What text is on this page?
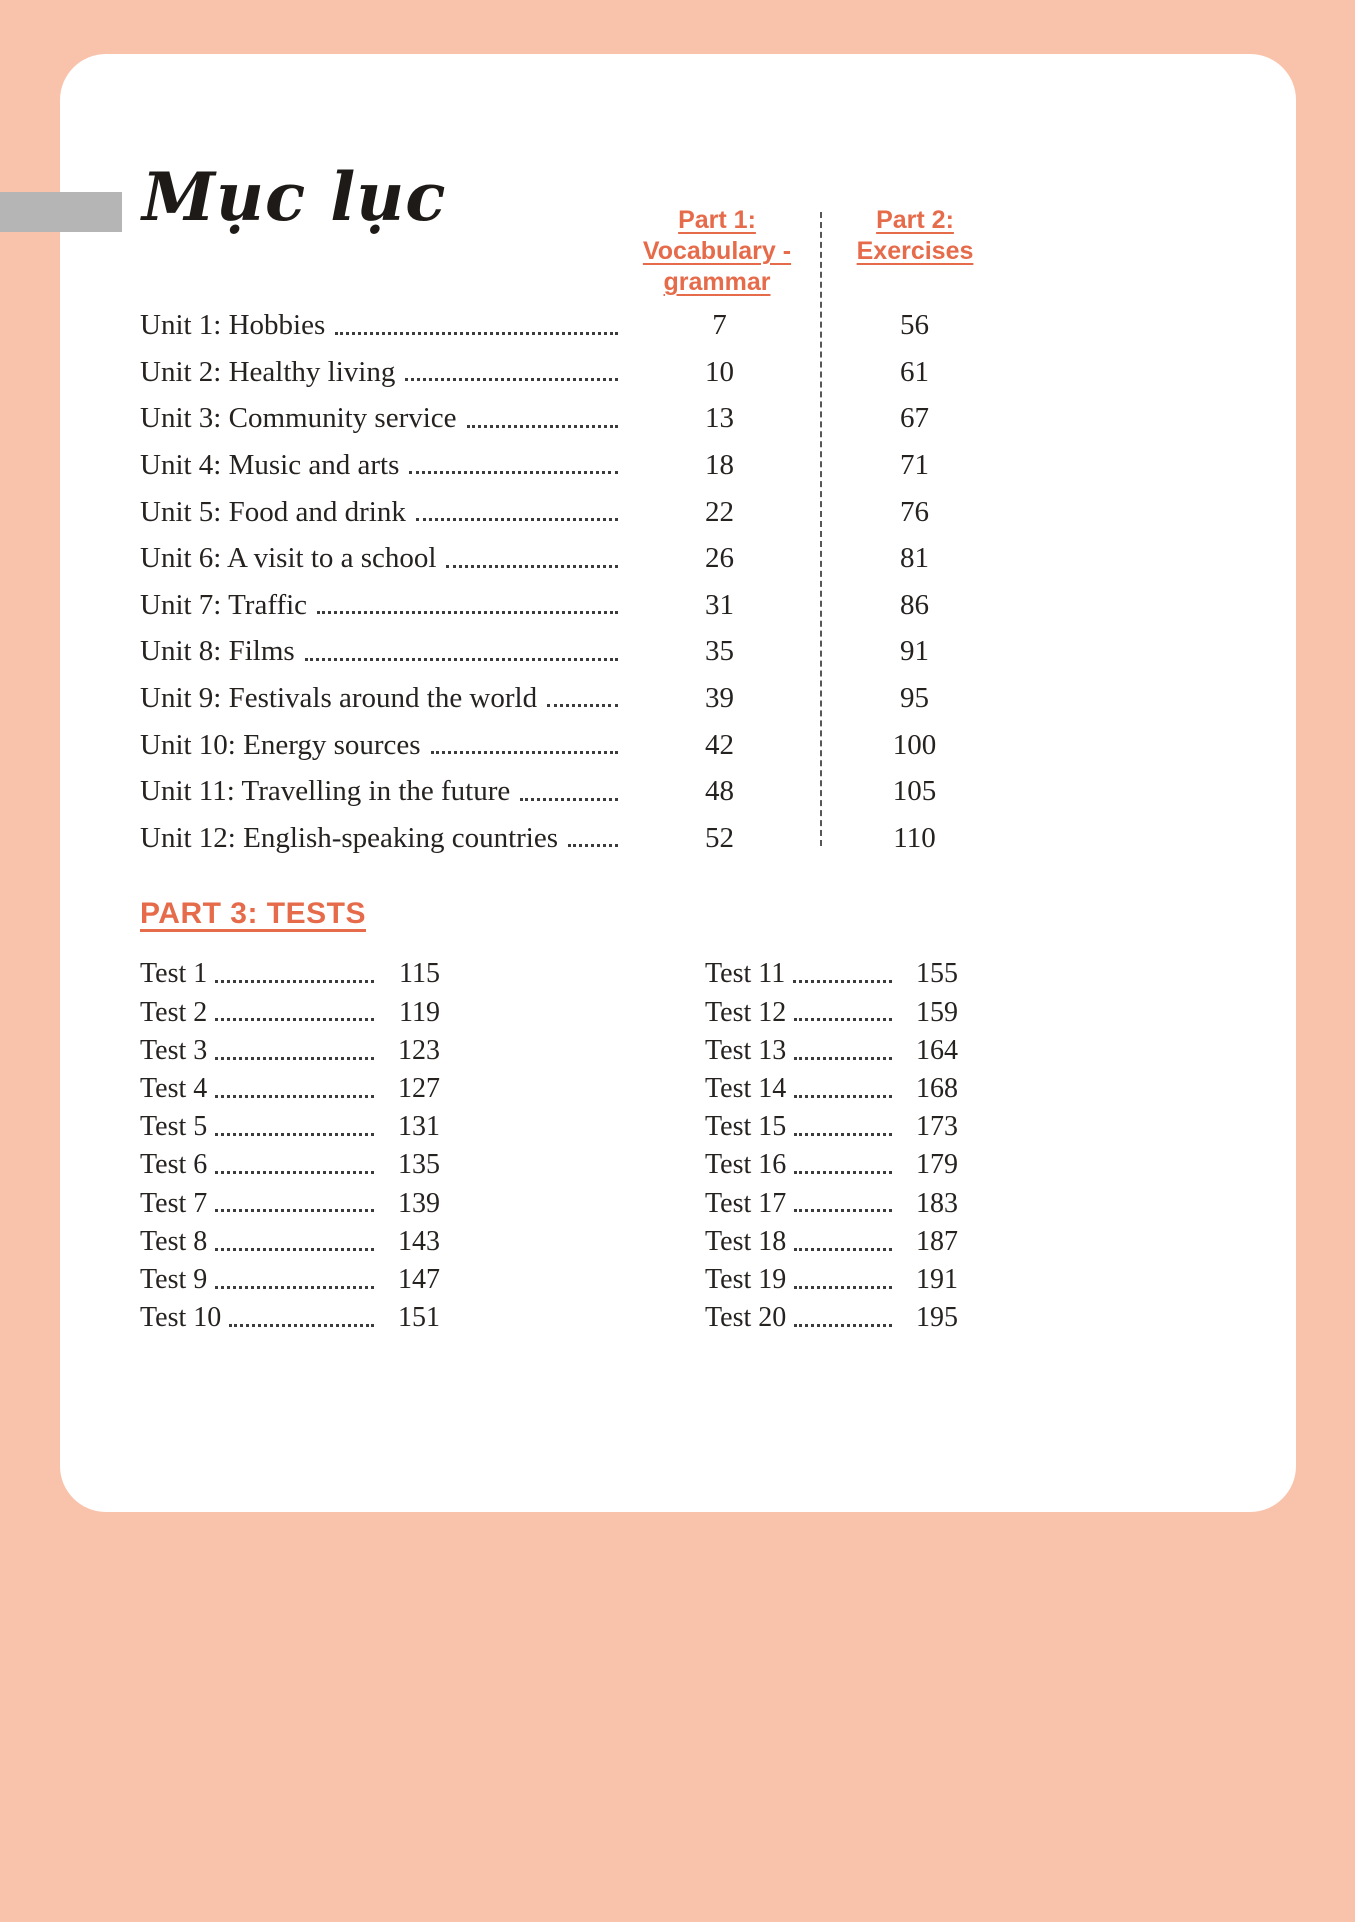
Mục lục	Part 1:
Vocabulary -
grammar
Part 2:
Exercises
Unit 1: Hobbies	7	56
Unit 2: Healthy living	10	61
Unit 3: Community service	13	67
Unit 4: Music and arts	18	71
Unit 5: Food and drink	22	76
Unit 6: A visit to a school	26	81
Unit 7: Traffic	31	86
Unit 8: Films	35	91
Unit 9: Festivals around the world	39	95
Unit 10: Energy sources	42	100
Unit 11: Travelling in the future	48	105
Unit 12: English-speaking countries	52	110
PART 3: TESTS
Test 1	115
Test 2	119
Test 3	123
Test 4	127
Test 5	131
Test 6	135
Test 7	139
Test 8	143
Test 9	147
Test 10	151
Test 11	155
Test 12	159
Test 13	164
Test 14	168
Test 15	173
Test 16	179
Test 17	183
Test 18	187
Test 19	191
Test 20	195
